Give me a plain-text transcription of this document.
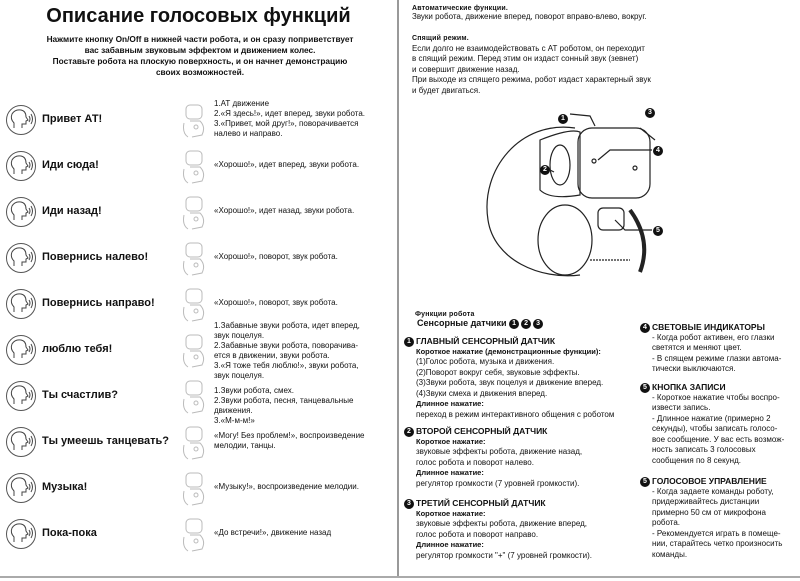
Описание голосовых функций
Нажмите кнопку On/Off в нижней части робота, и он сразу поприветствует
вас забавным звуковым эффектом и движением колес.
Поставьте робота на плоскую поверхность, и он начнет демонстрацию
своих возможностей.
Привет АТ!
1.АТ движение
2.«Я здесь!», идет вперед, звуки робота.
3.«Привет, мой друг!», поворачивается
налево и направо.
Иди сюда!	«Хорошо!», идет вперед, звуки робота.
Иди назад!	«Хорошо!», идет назад, звуки робота.
Повернись налево!	«Хорошо!», поворот, звук робота.
Повернись направо!	«Хорошо!», поворот, звук робота.
люблю тебя!
1.Забавные звуки робота, идет вперед,
звук поцелуя.
2.Забавные звуки робота, поворачива-
ется в движении, звуки робота.
3.«Я тоже тебя люблю!», звуки робота,
звук поцелуя.
Ты счастлив?	1.Звуки робота, смех.
2.Звуки робота, песня, танцевальные
движения.
3.«М-м-м!»
Ты умеешь танцевать?	«Могу! Без проблем!», воспроизведение
мелодии, танцы.
Музыка!	«Музыку!», воспроизведение мелодии.
Пока-пока	«До встречи!», движение назад
Автоматические функции.
Звуки робота, движение вперед, поворот вправо-влево, вокруг.
Спящий режим.
Если долго не взаимодействовать с АТ роботом, он переходит
в спящий режим. Перед этим он издаст сонный звук (зевнет)
и совершит движение назад.
При выходе из спящего режима, робот издаст характерный звук
и будет двигаться.
1
2
3
4
5
Функции робота
Сенсорные датчики 1 2 3
1 ГЛАВНЫЙ СЕНСОРНЫЙ ДАТЧИК
Короткое нажатие (демонстрационные функции):
(1)Голос робота, музыка и движения.
(2)Поворот вокруг себя, звуковые эффекты.
(3)Звуки робота, звук поцелуя и движение вперед.
(4)Звуки смеха и движения вперед.
Длинное нажатие:
переход в режим интерактивного общения с роботом
2 ВТОРОЙ СЕНСОРНЫЙ ДАТЧИК
Короткое нажатие:
звуковые эффекты робота, движение назад,
голос робота и поворот налево.
Длинное нажатие:
регулятор громкости (7 уровней громкости).
3 ТРЕТИЙ СЕНСОРНЫЙ ДАТЧИК
Короткое нажатие:
звуковые эффекты робота, движение вперед,
голос робота и поворот направо.
Длинное нажатие:
регулятор громкости "+" (7 уровней громкости).
4 СВЕТОВЫЕ ИНДИКАТОРЫ
- Когда робот активен, его глазки
светятся и меняют цвет.
- В спящем режиме глазки автома-
тически выключаются.
5 КНОПКА ЗАПИСИ
- Короткое нажатие чтобы воспро-
извести запись.
- Длинное нажатие (примерно 2
секунды), чтобы записать голосо-
вое сообщение. У вас есть возмож-
ность записать 3 голосовых
сообщения по 8 секунд.
5 ГОЛОСОВОЕ УПРАВЛЕНИЕ
- Когда задаете команды роботу,
придерживайтесь дистанции
примерно 50 см от микрофона
робота.
- Рекомендуется играть в помеще-
нии, старайтесь четко произносить
команды.
